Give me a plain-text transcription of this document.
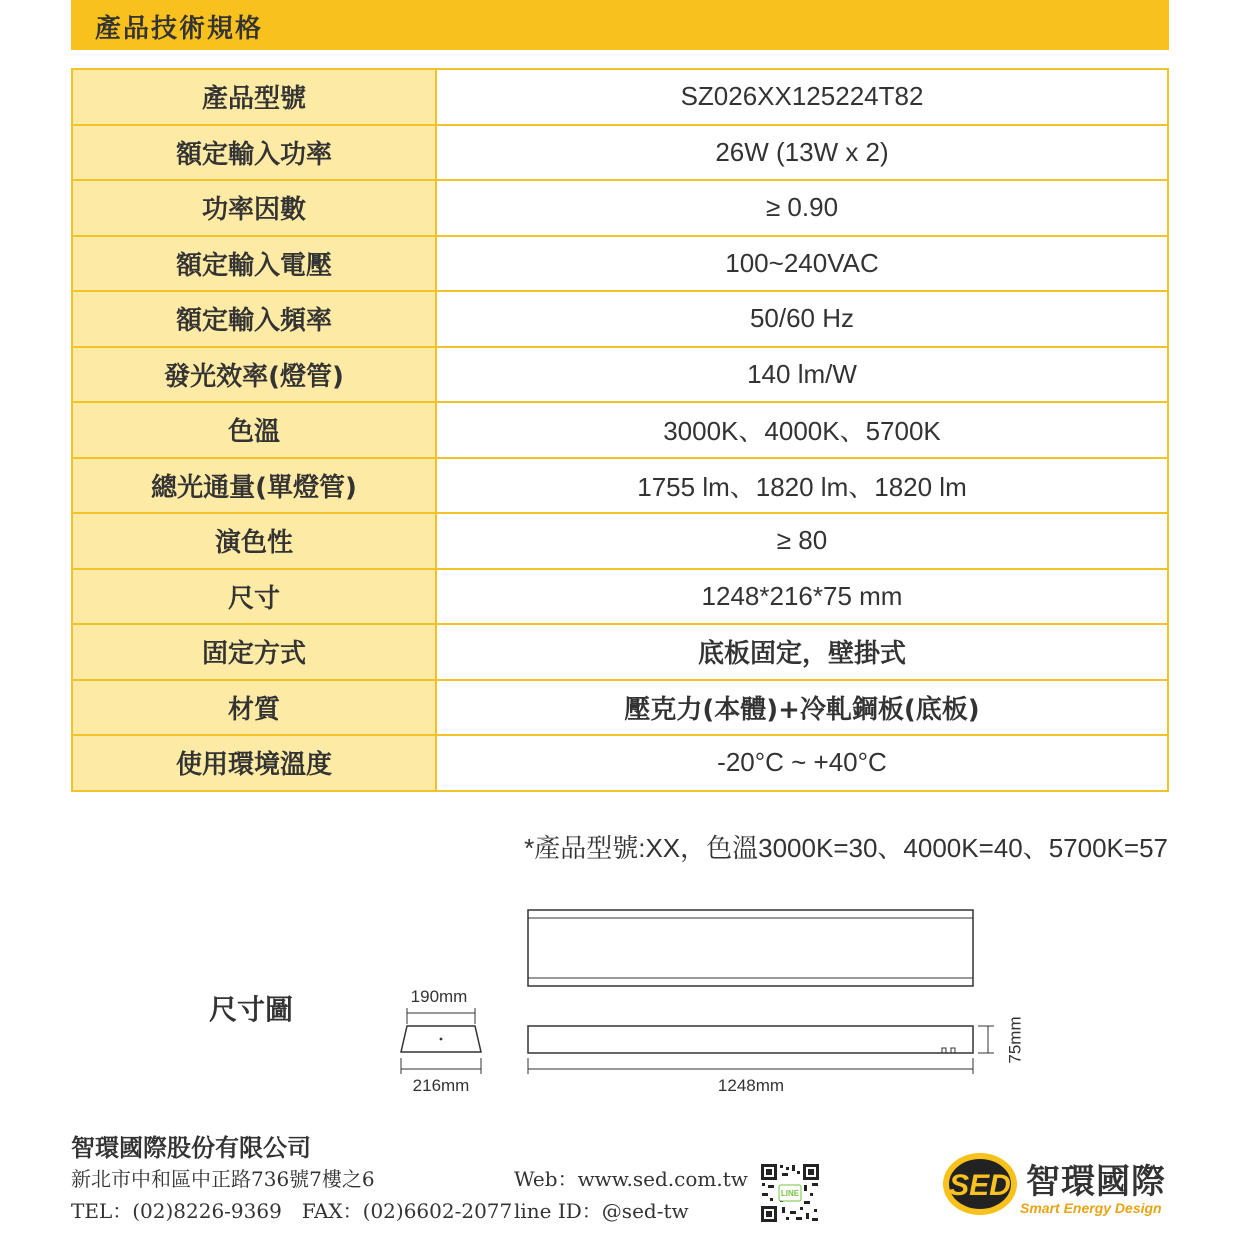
產品技術規格
產品型號	SZ026XX125224T82
額定輸入功率	26W (13W x 2)
功率因數	≥ 0.90
額定輸入電壓	100~240VAC
額定輸入頻率	50/60 Hz
發光效率(燈管)	140 lm/W
色溫	3000K、4000K、5700K
總光通量(單燈管)	1755 lm、1820 lm、1820 lm
演色性	≥ 80
尺寸	1248*216*75 mm
固定方式	底板固定，壁掛式
材質	壓克力(本體)+冷軋鋼板(底板)
使用環境溫度	-20°C ~ +40°C
*產品型號:XX，色溫3000K=30、4000K=40、5700K=57
尺寸圖	190mm
216mm	1248mm
75mm
智環國際股份有限公司
新北市中和區中正路736號7樓之6
TEL：(02)8226-9369　FAX：(02)6602-2077
Web：www.sed.com.tw
line ID：@sed-tw
LINE	SED 智環國際
Smart Energy Design
